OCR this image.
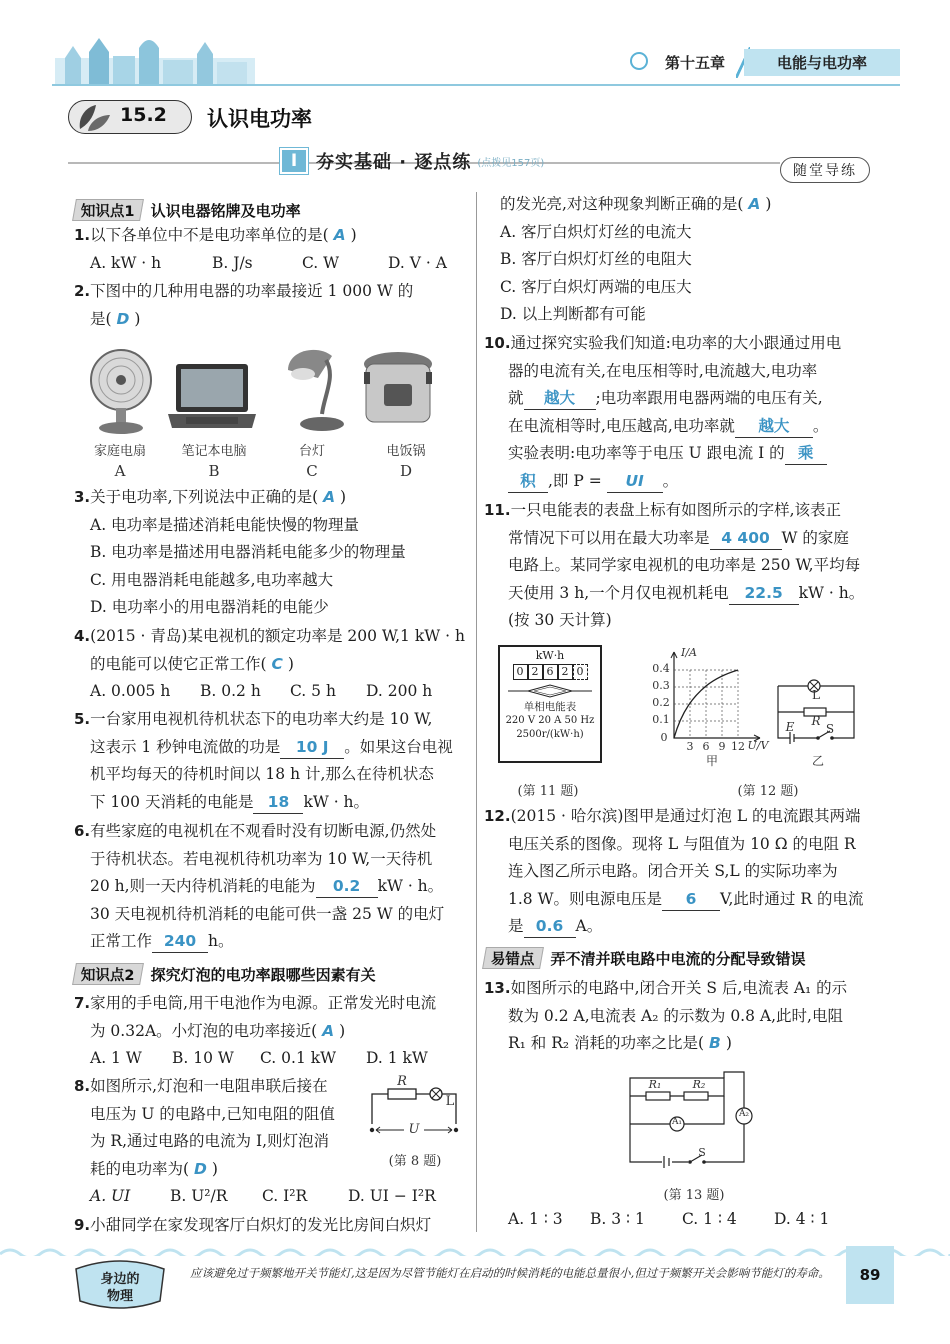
第十五章	电能与电功率
15.2 认识电功率
Ⅰ	夯实基础 · 逐点练 (点拨见157页)	随堂导练
知识点1 认识电器铭牌及电功率
1.以下各单位中不是电功率单位的是( A )
A. kW · h	B. J/s	C. W	D. V · A
2.下图中的几种用电器的功率最接近 1 000 W 的
是( D )
家庭电扇	笔记本电脑	台灯	电饭锅
A	B	C	D
3.关于电功率,下列说法中正确的是( A )
A. 电功率是描述消耗电能快慢的物理量
B. 电功率是描述用电器消耗电能多少的物理量
C. 用电器消耗电能越多,电功率越大
D. 电功率小的用电器消耗的电能少
4.(2015 · 青岛)某电视机的额定功率是 200 W,1 kW · h
的电能可以使它正常工作( C )
A. 0.005 h B. 0.2 h C. 5 h D. 200 h
5.一台家用电视机待机状态下的电功率大约是 10 W,
这表示 1 秒钟电流做的功是 10 J 。如果这台电视
机平均每天的待机时间以 18 h 计,那么在待机状态
下 100 天消耗的电能是 18 kW · h。
6.有些家庭的电视机在不观看时没有切断电源,仍然处
于待机状态。若电视机待机功率为 10 W,一天待机
20 h,则一天内待机消耗的电能为 0.2 kW · h。
30 天电视机待机消耗的电能可供一盏 25 W 的电灯
正常工作 240 h。
知识点2 探究灯泡的电功率跟哪些因素有关
7.家用的手电筒,用干电池作为电源。正常发光时电流
为 0.32A。小灯泡的电功率接近( A )
A. 1 W B. 10 W C. 0.1 kW D. 1 kW
8.如图所示,灯泡和一电阻串联后接在
电压为 U 的电路中,已知电阻的阻值
为 R,通过电路的电流为 I,则灯泡消
耗的电功率为( D )
A. UI	B. U²/R C. I²R	D. UI − I²R
R
L
U
(第 8 题)
9.小甜同学在家发现客厅白炽灯的发光比房间白炽灯
的发光亮,对这种现象判断正确的是( A )
A. 客厅白炽灯灯丝的电流大
B. 客厅白炽灯灯丝的电阻大
C. 客厅白炽灯两端的电压大
D. 以上判断都有可能
10.通过探究实验我们知道:电功率的大小跟通过用电
器的电流有关,在电压相等时,电流越大,电功率
就 越大 ;电功率跟用电器两端的电压有关,
在电流相等时,电压越高,电功率就 越大 。
实验表明:电功率等于电压 U 跟电流 I 的 乘
积 ,即 P = UI 。
11.一只电能表的表盘上标有如图所示的字样,该表正
常情况下可以用在最大功率是 4 400 W 的家庭
电路上。某同学家电视机的电功率是 250 W,平均每
天使用 3 h,一个月仅电视机耗电 22.5 kW · h。
(按 30 天计算)
kW·h
0 2 6 2 0
单相电能表
220 V 20 A 50 Hz
2500r/(kW·h)
(第 11 题)
I/A
0.4
0.3
0.2
0.1
0
3 6 9 12 U/V
甲
L
R
E	S
乙
(第 12 题)
12.(2015 · 哈尔滨)图甲是通过灯泡 L 的电流跟其两端
电压关系的图像。现将 L 与阻值为 10 Ω 的电阻 R
连入图乙所示电路。闭合开关 S,L 的实际功率为
1.8 W。则电源电压是 6 V,此时通过 R 的电流
是 0.6 A。
易错点 弄不清并联电路中电流的分配导致错误
13.如图所示的电路中,闭合开关 S 后,电流表 A₁ 的示
数为 0.2 A,电流表 A₂ 的示数为 0.8 A,此时,电阻
R₁ 和 R₂ 消耗的功率之比是( B )
R₁	R₂
A₁
A₂
S
(第 13 题)
A. 1 ∶ 3 B. 3 ∶ 1 C. 1 ∶ 4 D. 4 ∶ 1
身边的
物理
应该避免过于频繁地开关节能灯,这是因为尽管节能灯在启动的时候消耗的电能总量很小,但过于频繁开关会影响节能灯的寿命。	89
